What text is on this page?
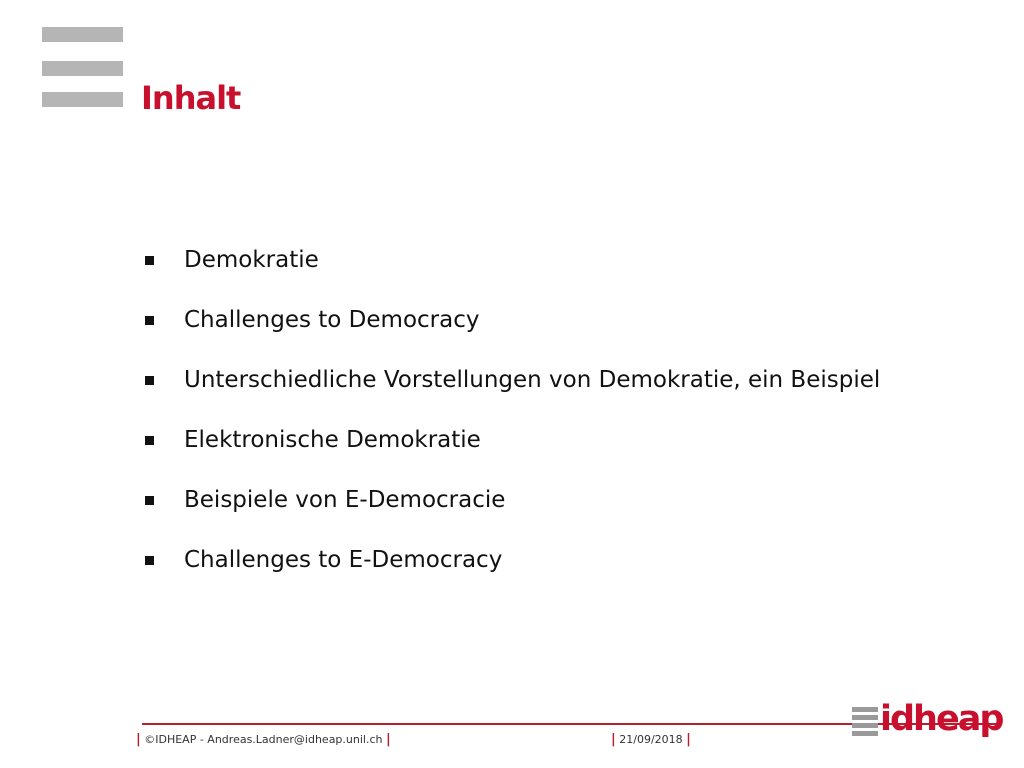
Inhalt
Demokratie
Challenges to Democracy
Unterschiedliche Vorstellungen von Demokratie, ein Beispiel
Elektronische Demokratie
Beispiele von E-Democracie
Challenges to E-Democracy
| ©IDHEAP - Andreas.Ladner@idheap.unil.ch |	| 21/09/2018 |
idheap
